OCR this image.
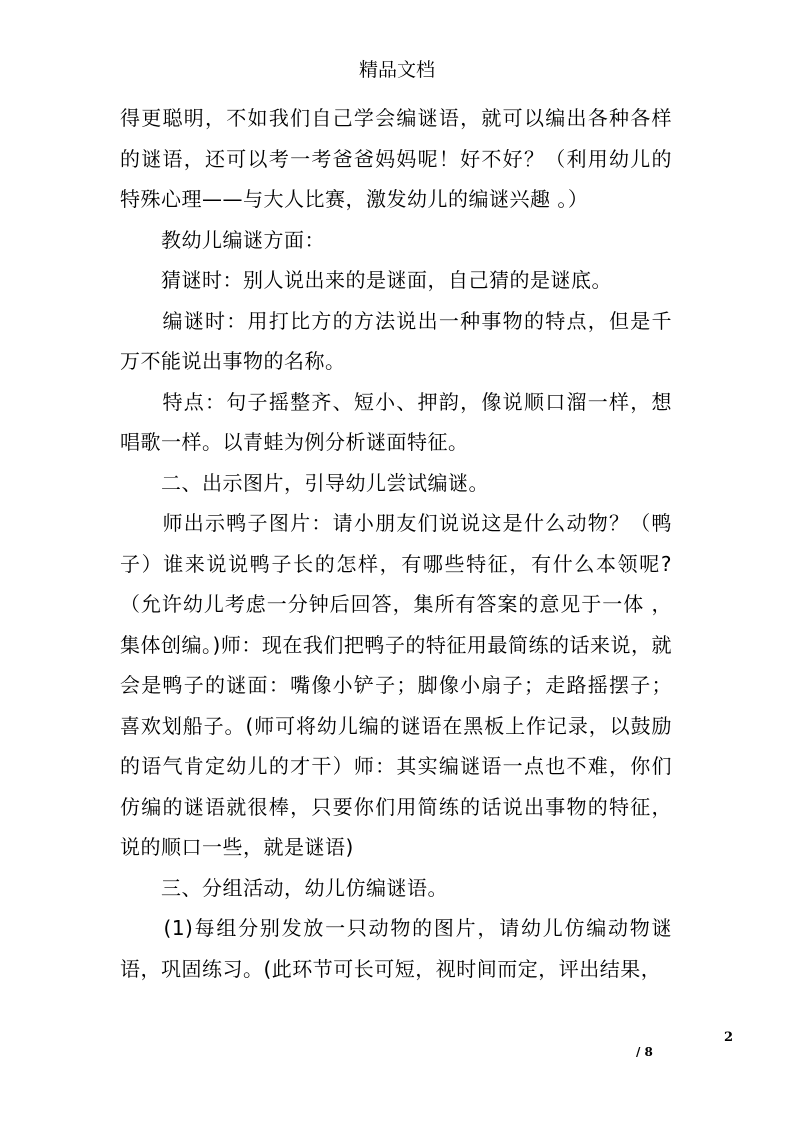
精品文档

得更聪明，不如我们自己学会编谜语，就可以编出各种各样的谜语，还可以考一考爸爸妈妈呢！好不好？（利用幼儿的特殊心理——与大人比赛，激发幼儿的编谜兴趣 。）

　　教幼儿编谜方面：

　　猜谜时：别人说出来的是谜面，自己猜的是谜底。

　　编谜时：用打比方的方法说出一种事物的特点，但是千万不能说出事物的名称。

　　特点：句子摇整齐、短小、押韵，像说顺口溜一样，想唱歌一样。以青蛙为例分析谜面特征。

　　二、出示图片，引导幼儿尝试编谜。

　　师出示鸭子图片：请小朋友们说说这是什么动物？（鸭子）谁来说说鸭子长的怎样，有哪些特征，有什么本领呢?（允许幼儿考虑一分钟后回答，集所有答案的意见于一体 ，集体创编。)师：现在我们把鸭子的特征用最简练的话来说，就会是鸭子的谜面：嘴像小铲子；脚像小扇子；走路摇摆子；喜欢划船子。(师可将幼儿编的谜语在黑板上作记录，以鼓励的语气肯定幼儿的才干）师：其实编谜语一点也不难，你们仿编的谜语就很棒，只要你们用简练的话说出事物的特征，说的顺口一些，就是谜语)

　　三、分组活动，幼儿仿编谜语。

　　(1)每组分别发放一只动物的图片，请幼儿仿编动物谜语，巩固练习。(此环节可长可短，视时间而定，评出结果，

2
/ 8
